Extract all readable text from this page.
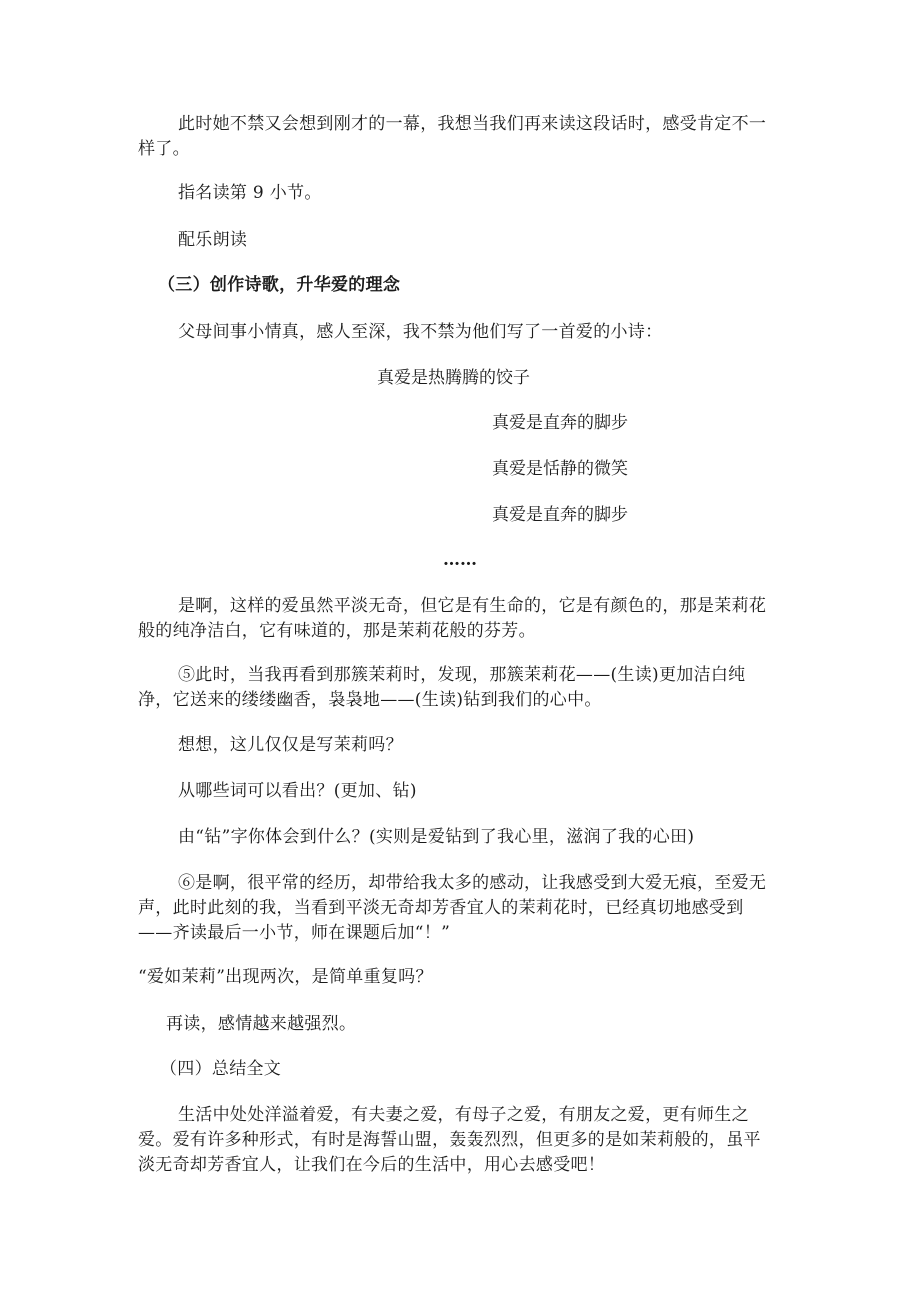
此时她不禁又会想到刚才的一幕，我想当我们再来读这段话时，感受肯定不一样了。

指名读第 9 小节。

配乐朗读

（三）创作诗歌，升华爱的理念

父母间事小情真，感人至深，我不禁为他们写了一首爱的小诗：

真爱是热腾腾的饺子

真爱是直奔的脚步

真爱是恬静的微笑

真爱是直奔的脚步

……

是啊，这样的爱虽然平淡无奇，但它是有生命的，它是有颜色的，那是茉莉花般的纯净洁白，它有味道的，那是茉莉花般的芬芳。

⑤此时，当我再看到那簇茉莉时，发现，那簇茉莉花——(生读)更加洁白纯净，它送来的缕缕幽香，袅袅地——(生读)钻到我们的心中。

想想，这儿仅仅是写茉莉吗？

从哪些词可以看出？(更加、钻)

由“钻”字你体会到什么？(实则是爱钻到了我心里，滋润了我的心田)

⑥是啊，很平常的经历，却带给我太多的感动，让我感受到大爱无痕，至爱无声，此时此刻的我，当看到平淡无奇却芳香宜人的茉莉花时，已经真切地感受到——齐读最后一小节，师在课题后加“！”

“爱如茉莉”出现两次，是简单重复吗？

再读，感情越来越强烈。

（四）总结全文

生活中处处洋溢着爱，有夫妻之爱，有母子之爱，有朋友之爱，更有师生之爱。爱有许多种形式，有时是海誓山盟，轰轰烈烈，但更多的是如茉莉般的，虽平淡无奇却芳香宜人，让我们在今后的生活中，用心去感受吧！
